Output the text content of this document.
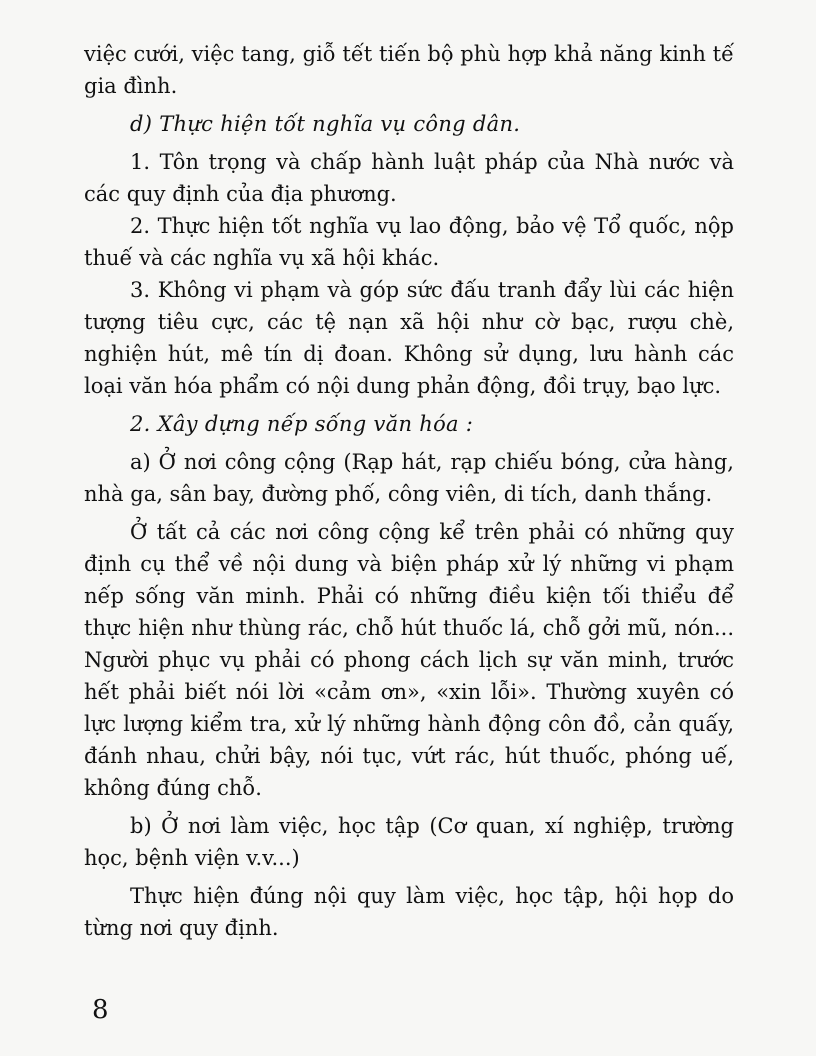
việc cưới, việc tang, giỗ tết tiến bộ phù hợp khả năng kinh tế gia đình.

d) Thực hiện tốt nghĩa vụ công dân.

1. Tôn trọng và chấp hành luật pháp của Nhà nước và các quy định của địa phương.

2. Thực hiện tốt nghĩa vụ lao động, bảo vệ Tổ quốc, nộp thuế và các nghĩa vụ xã hội khác.

3. Không vi phạm và góp sức đấu tranh đẩy lùi các hiện tượng tiêu cực, các tệ nạn xã hội như cờ bạc, rượu chè, nghiện hút, mê tín dị đoan. Không sử dụng, lưu hành các loại văn hóa phẩm có nội dung phản động, đồi trụy, bạo lực.

2. Xây dựng nếp sống văn hóa :

a) Ở nơi công cộng (Rạp hát, rạp chiếu bóng, cửa hàng, nhà ga, sân bay, đường phố, công viên, di tích, danh thắng.

Ở tất cả các nơi công cộng kể trên phải có những quy định cụ thể về nội dung và biện pháp xử lý những vi phạm nếp sống văn minh. Phải có những điều kiện tối thiểu để thực hiện như thùng rác, chỗ hút thuốc lá, chỗ gởi mũ, nón... Người phục vụ phải có phong cách lịch sự văn minh, trước hết phải biết nói lời «cảm ơn», «xin lỗi». Thường xuyên có lực lượng kiểm tra, xử lý những hành động côn đồ, cản quấy, đánh nhau, chửi bậy, nói tục, vứt rác, hút thuốc, phóng uế, không đúng chỗ.

b) Ở nơi làm việc, học tập (Cơ quan, xí nghiệp, trường học, bệnh viện v.v...)

Thực hiện đúng nội quy làm việc, học tập, hội họp do từng nơi quy định.

8
